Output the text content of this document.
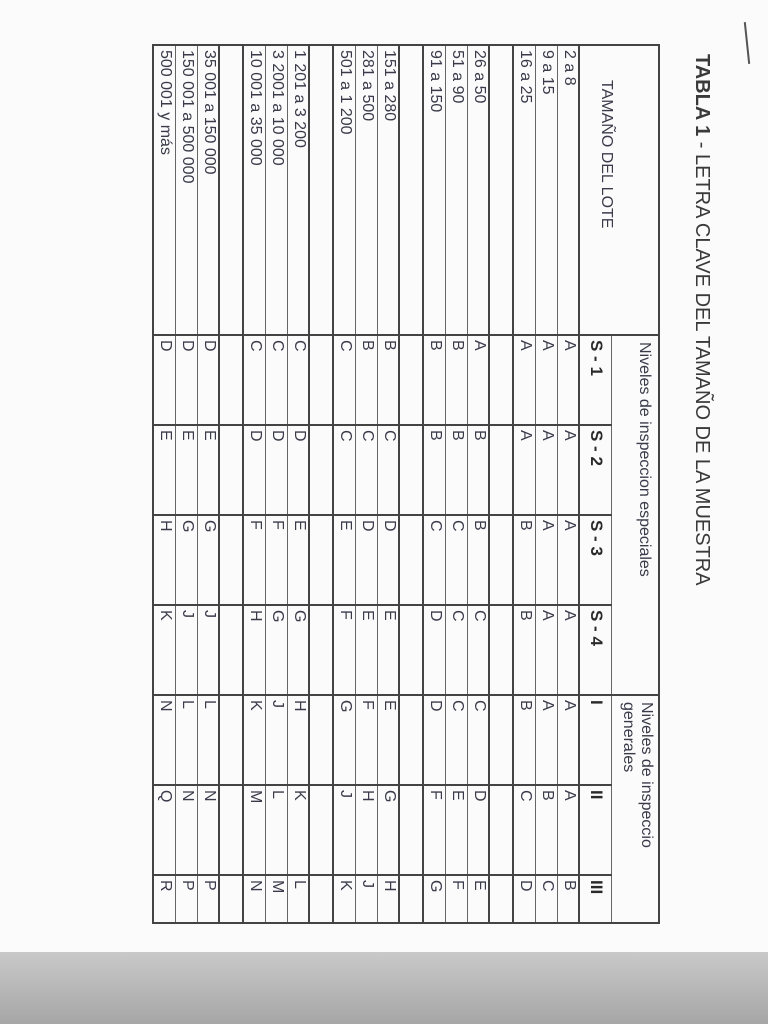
TABLA 1 - LETRA CLAVE DEL TAMAÑO DE LA MUESTRA
TAMAÑO DEL LOTE
Niveles de inspeccion especiales
Niveles de inspeccio
generales
S - 1
S - 2
S - 3
S - 4
I
II
III
2 a 8
A
A
A
A
A
A
B
9 a 15
A
A
A
A
A
B
C
16 a 25
A
A
B
B
B
C
D
26 a 50
A
B
B
C
C
D
E
51 a 90
B
B
C
C
C
E
F
91 a 150
B
B
C
D
D
F
G
151 a 280
B
C
D
E
E
G
H
281 a 500
B
C
D
E
F
H
J
501 a 1 200
C
C
E
F
G
J
K
1 201 a 3 200
C
D
E
G
H
K
L
3 2001 a 10 000
C
D
F
G
J
L
M
10 001 a 35 000
C
D
F
H
K
M
N
35 001 a 150 000
D
E
G
J
L
N
P
150 001 a 500 000
D
E
G
J
L
N
P
500 001 y más
D
E
H
K
N
Q
R
